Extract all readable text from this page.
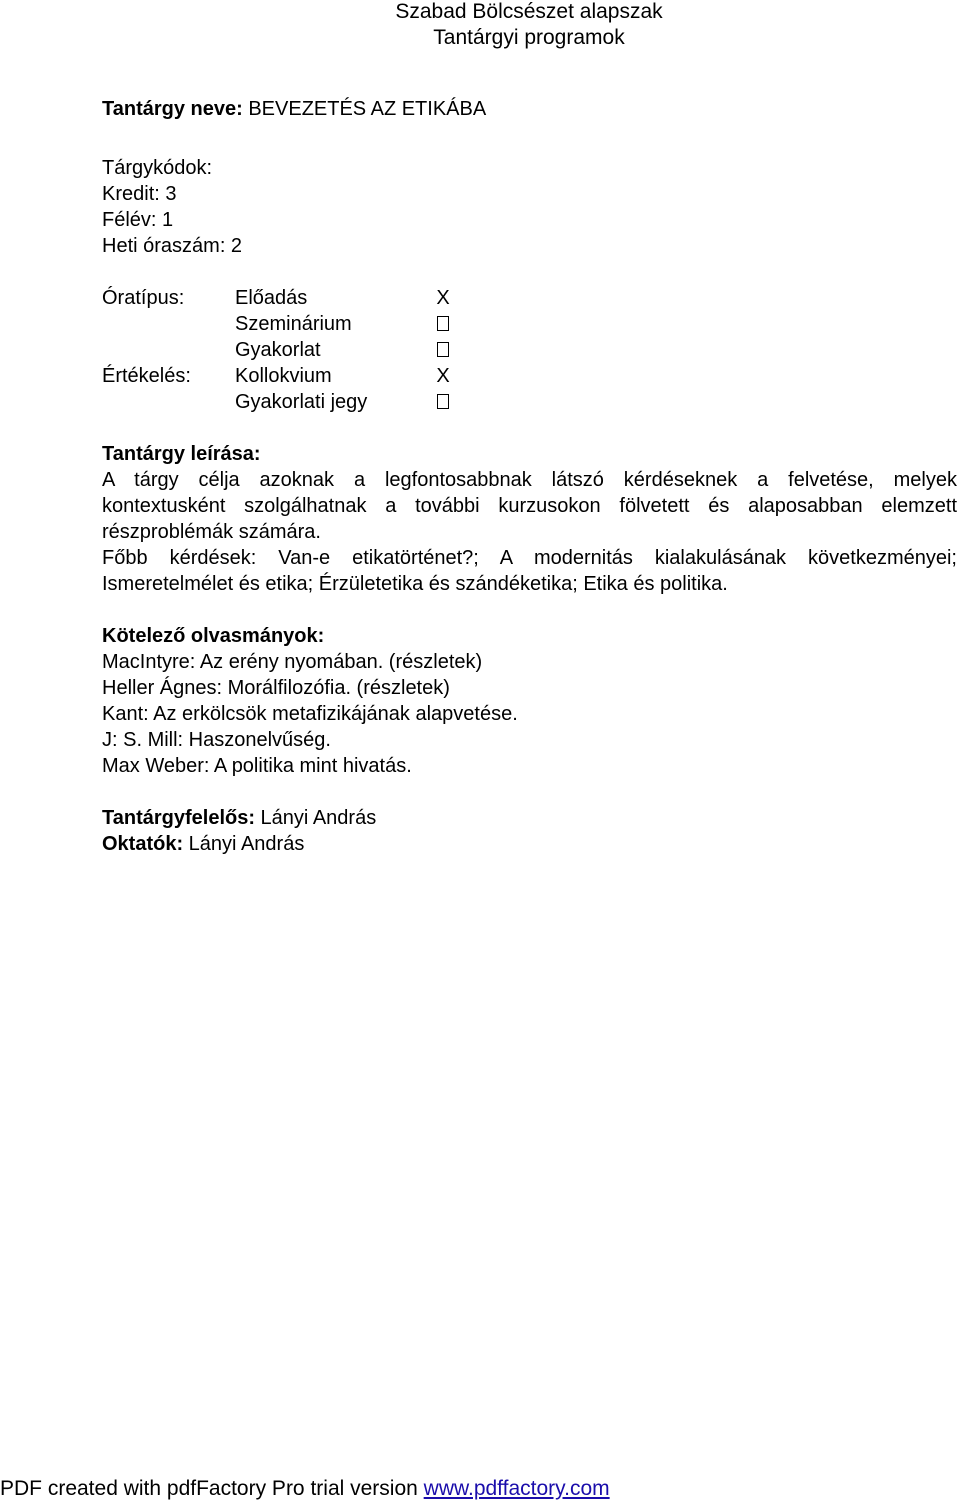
Szabad Bölcsészet alapszak
Tantárgyi programok
Tantárgy neve: BEVEZETÉS AZ ETIKÁBA
Tárgykódok:
Kredit: 3
Félév: 1
Heti óraszám: 2
Óratípus:
Értékelés:
Előadás
Szeminárium
Gyakorlat
Kollokvium
Gyakorlati jegy
X
X
Tantárgy leírása:
A tárgy célja azoknak a legfontosabbnak látszó kérdéseknek a felvetése, melyek
kontextusként szolgálhatnak a további kurzusokon fölvetett és alaposabban elemzett
részproblémák számára.
Főbb kérdések: Van-e etikatörténet?; A modernitás kialakulásának következményei;
Ismeretelmélet és etika; Érzületetika és szándéketika; Etika és politika.
Kötelező olvasmányok:
MacIntyre: Az erény nyomában. (részletek)
Heller Ágnes: Morálfilozófia. (részletek)
Kant: Az erkölcsök metafizikájának alapvetése.
J: S. Mill: Haszonelvűség.
Max Weber: A politika mint hivatás.
Tantárgyfelelős: Lányi András
Oktatók: Lányi András
PDF created with pdfFactory Pro trial version www.pdffactory.com
